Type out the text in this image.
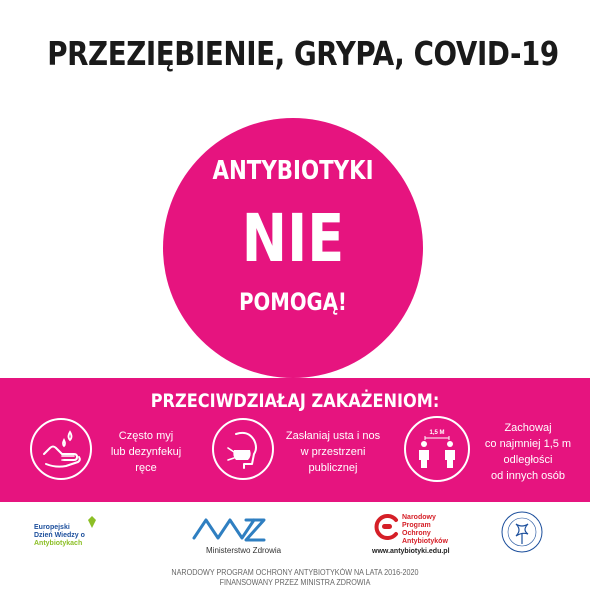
PRZEZIĘBIENIE, GRYPA, COVID-19
ANTYBIOTYKI
NIE
POMOGĄ!
PRZECIWDZIAŁAJ ZAKAŻENIOM:
Często myj
lub dezynfekuj
ręce
Zasłaniaj usta i nos
w przestrzeni
publicznej
1,5 M	Zachowaj
co najmniej 1,5 m
odległości
od innych osób
Europejski
Dzień Wiedzy o
Antybiotykach
Ministerstwo Zdrowia
Narodowy
Program
Ochrony
Antybiotyków
www.antybiotyki.edu.pl
NARODOWY PROGRAM OCHRONY ANTYBIOTYKÓW NA LATA 2016-2020
FINANSOWANY PRZEZ MINISTRA ZDROWIA
